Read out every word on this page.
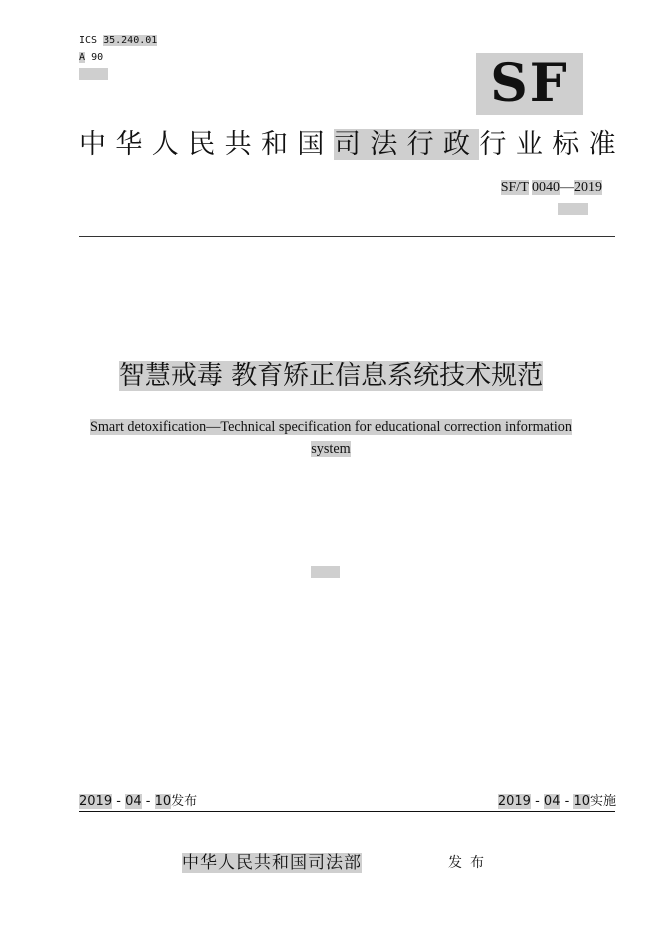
ICS 35.240.01
A 90	SF
中华人民共和国司法行政行业标准
SF/T 0040—2019
智慧戒毒 教育矫正信息系统技术规范
Smart detoxification—Technical specification for educational correction information
system
2019 - 04 - 10发布	2019 - 04 - 10实施
中华人民共和国司法部	发布
